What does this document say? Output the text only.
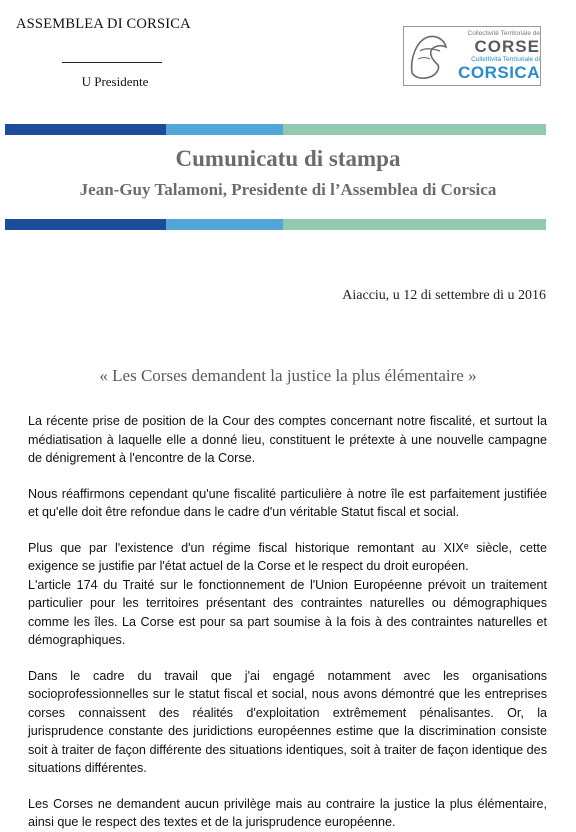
ASSEMBLEA DI CORSICA
U Presidente
Collectivité Territoriale de
CORSE
Cullettività Territuriale di
CORSICA
Cumunicatu di stampa
Jean-Guy Talamoni, Presidente di l’Assemblea di Corsica
Aiacciu, u 12 di settembre di u 2016
« Les Corses demandent la justice la plus élémentaire »

La récente prise de position de la Cour des comptes concernant notre fiscalité, et surtout la médiatisation à laquelle elle a donné lieu, constituent le prétexte à une nouvelle campagne de dénigrement à l'encontre de la Corse.

Nous réaffirmons cependant qu'une fiscalité particulière à notre île est parfaitement justifiée et qu'elle doit être refondue dans le cadre d'un véritable Statut fiscal et social.

Plus que par l'existence d'un régime fiscal historique remontant au XIXᵉ siècle, cette exigence se justifie par l'état actuel de la Corse et le respect du droit européen.

L'article 174 du Traité sur le fonctionnement de l'Union Européenne prévoit un traitement particulier pour les territoires présentant des contraintes naturelles ou démographiques comme les îles. La Corse est pour sa part soumise à la fois à des contraintes naturelles et démographiques.

Dans le cadre du travail que j'ai engagé notamment avec les organisations socioprofessionnelles sur le statut fiscal et social, nous avons démontré que les entreprises corses connaissent des réalités d'exploitation extrêmement pénalisantes. Or, la jurisprudence constante des juridictions européennes estime que la discrimination consiste soit à traiter de façon différente des situations identiques, soit à traiter de façon identique des situations différentes.

Les Corses ne demandent aucun privilège mais au contraire la justice la plus élémentaire, ainsi que le respect des textes et de la jurisprudence européenne.
